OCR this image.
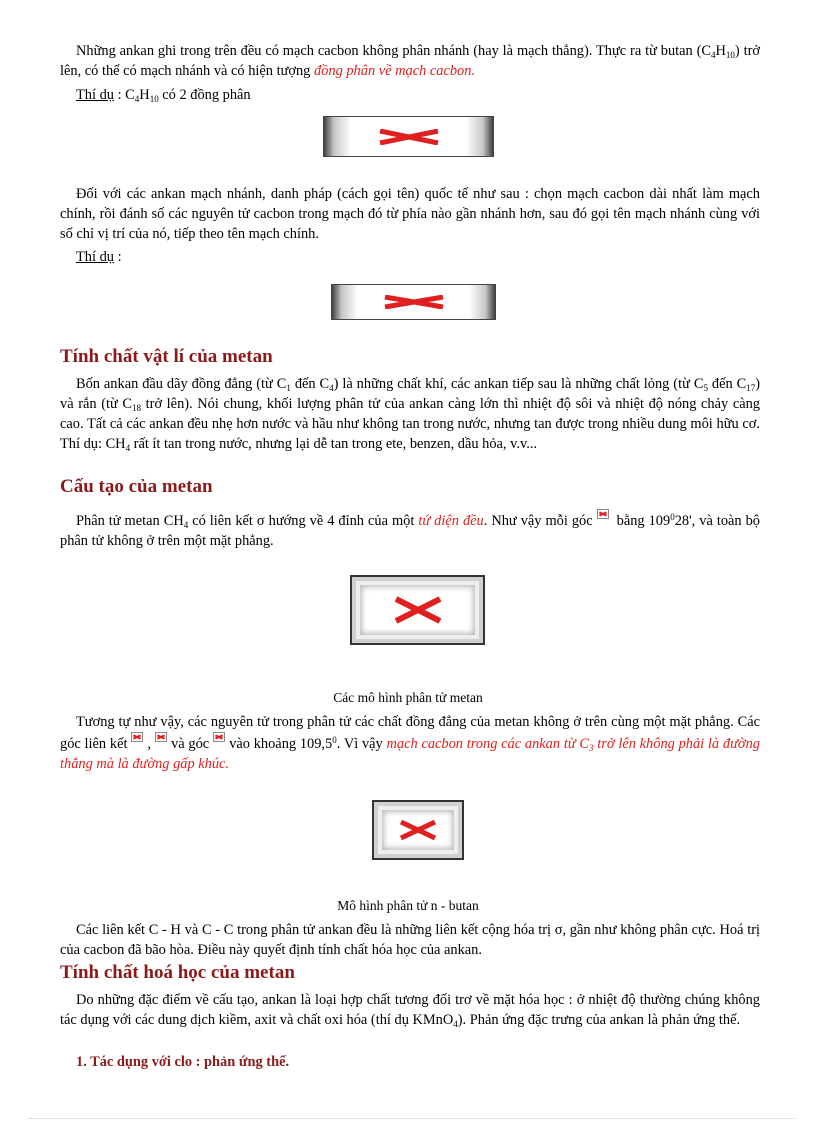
Những ankan ghi trong trên đều có mạch cacbon không phân nhánh (hay là mạch thẳng). Thực ra từ butan $(C_4H_{10})$ trở lên, có thể có mạch nhánh và có hiện tượng đồng phân về mạch cacbon.

Thí dụ : $C_4H_{10}$ có 2 đồng phân

Đối với các ankan mạch nhánh, danh pháp (cách gọi tên) quốc tế như sau : chọn mạch cacbon dài nhất làm mạch chính, rồi đánh số các nguyên tử cacbon trong mạch đó từ phía nào gần nhánh hơn, sau đó gọi tên mạch nhánh cùng với số chỉ vị trí của nó, tiếp theo tên mạch chính.

Thí dụ :

Tính chất vật lí của metan

Bốn ankan đầu dãy đồng đẳng (từ $C_1$ đến $C_4$) là những chất khí, các ankan tiếp sau là những chất lỏng (từ $C_5$ đến $C_{17}$) và rắn (từ $C_{18}$ trở lên). Nói chung, khối lượng phân tử của ankan càng lớn thì nhiệt độ sôi và nhiệt độ nóng chảy càng cao. Tất cả các ankan đều nhẹ hơn nước và hầu như không tan trong nước, nhưng tan được trong nhiều dung môi hữu cơ. Thí dụ: $CH_4$ rất ít tan trong nước, nhưng lại dễ tan trong ete, benzen, dầu hỏa, v.v...

Cấu tạo của metan

Phân tử metan $CH_4$ có liên kết σ hướng về 4 đỉnh của một tứ diện đều. Như vậy mỗi góc bằng $109^028'$, và toàn bộ phân tử không ở trên một mặt phẳng.

Các mô hình phân tử metan

Tương tự như vậy, các nguyên tử trong phân tử các chất đồng đẳng của metan không ở trên cùng một mặt phẳng. Các góc liên kết , và góc vào khoảng 109,5$^0$. Vì vậy mạch cacbon trong các ankan từ $C_3$ trở lên không phải là đường thẳng mà là đường gấp khúc.

Mô hình phân tử n - butan

Các liên kết C - H và C - C trong phân tử ankan đều là những liên kết cộng hóa trị σ, gần như không phân cực. Hoá trị của cacbon đã bão hòa. Điều này quyết định tính chất hóa học của ankan.

Tính chất hoá học của metan

Do những đặc điểm về cấu tạo, ankan là loại hợp chất tương đối trơ về mặt hóa học : ở nhiệt độ thường chúng không tác dụng với các dung dịch kiềm, axit và chất oxi hóa (thí dụ KMnO$_4$). Phản ứng đặc trưng của ankan là phản ứng thế.

1. Tác dụng với clo : phản ứng thế.
